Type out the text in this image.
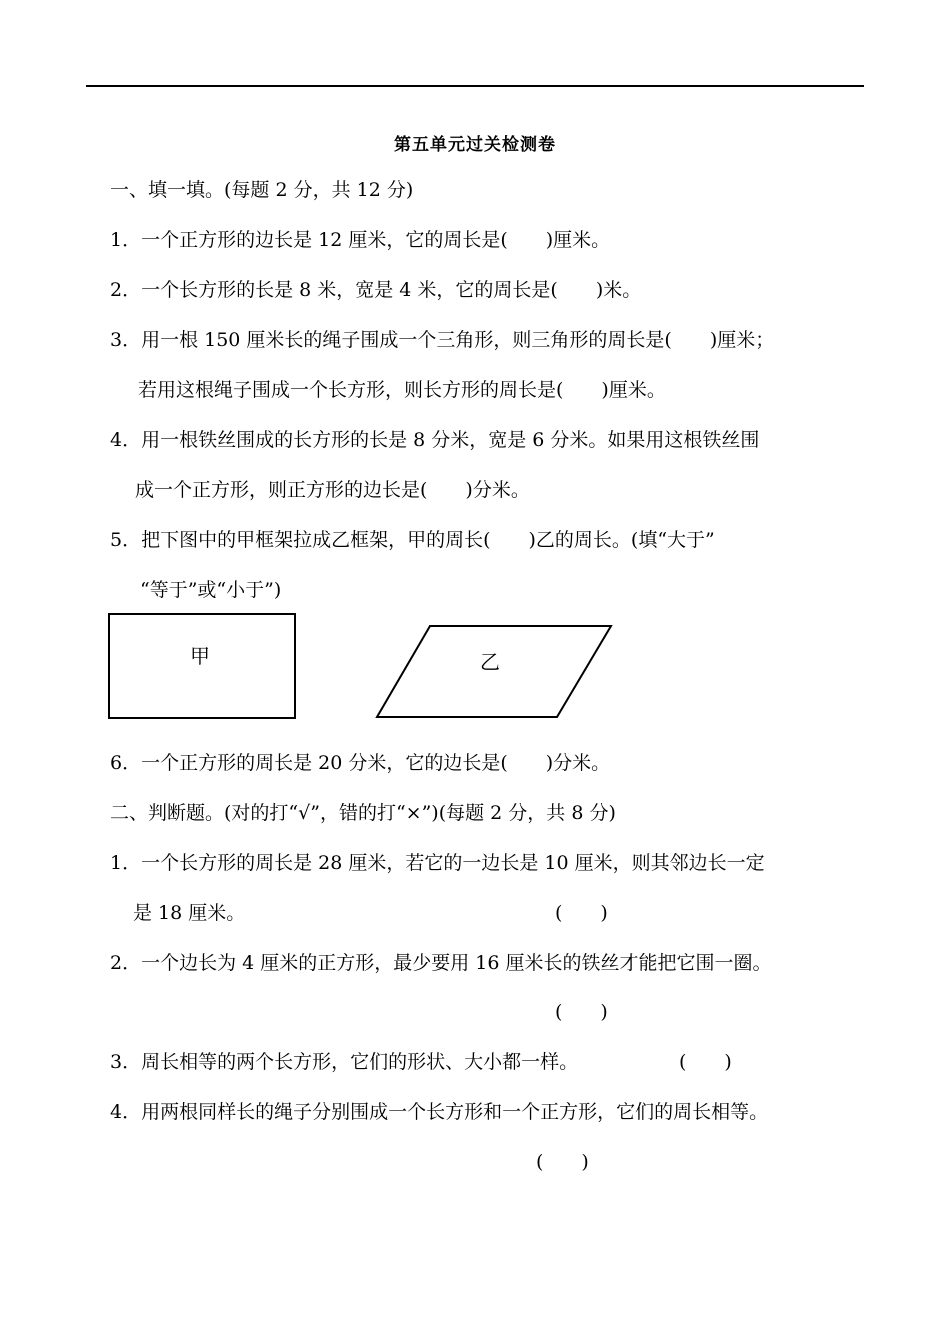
第五单元过关检测卷
一、填一填。(每题 2 分，共 12 分)
1．一个正方形的边长是 12 厘米，它的周长是(　　)厘米。
2．一个长方形的长是 8 米，宽是 4 米，它的周长是(　　)米。
3．用一根 150 厘米长的绳子围成一个三角形，则三角形的周长是(　　)厘米；
若用这根绳子围成一个长方形，则长方形的周长是(　　)厘米。
4．用一根铁丝围成的长方形的长是 8 分米，宽是 6 分米。如果用这根铁丝围
成一个正方形，则正方形的边长是(　　)分米。
5．把下图中的甲框架拉成乙框架，甲的周长(　　)乙的周长。(填“大于”
“等于”或“小于”)
甲	乙
6．一个正方形的周长是 20 分米，它的边长是(　　)分米。
二、判断题。(对的打“√”，错的打“×”)(每题 2 分，共 8 分)
1．一个长方形的周长是 28 厘米，若它的一边长是 10 厘米，则其邻边长一定
是 18 厘米。	(　　)
2．一个边长为 4 厘米的正方形，最少要用 16 厘米长的铁丝才能把它围一圈。
(　　)
3．周长相等的两个长方形，它们的形状、大小都一样。	(　　)
4．用两根同样长的绳子分别围成一个长方形和一个正方形，它们的周长相等。
(　　)
